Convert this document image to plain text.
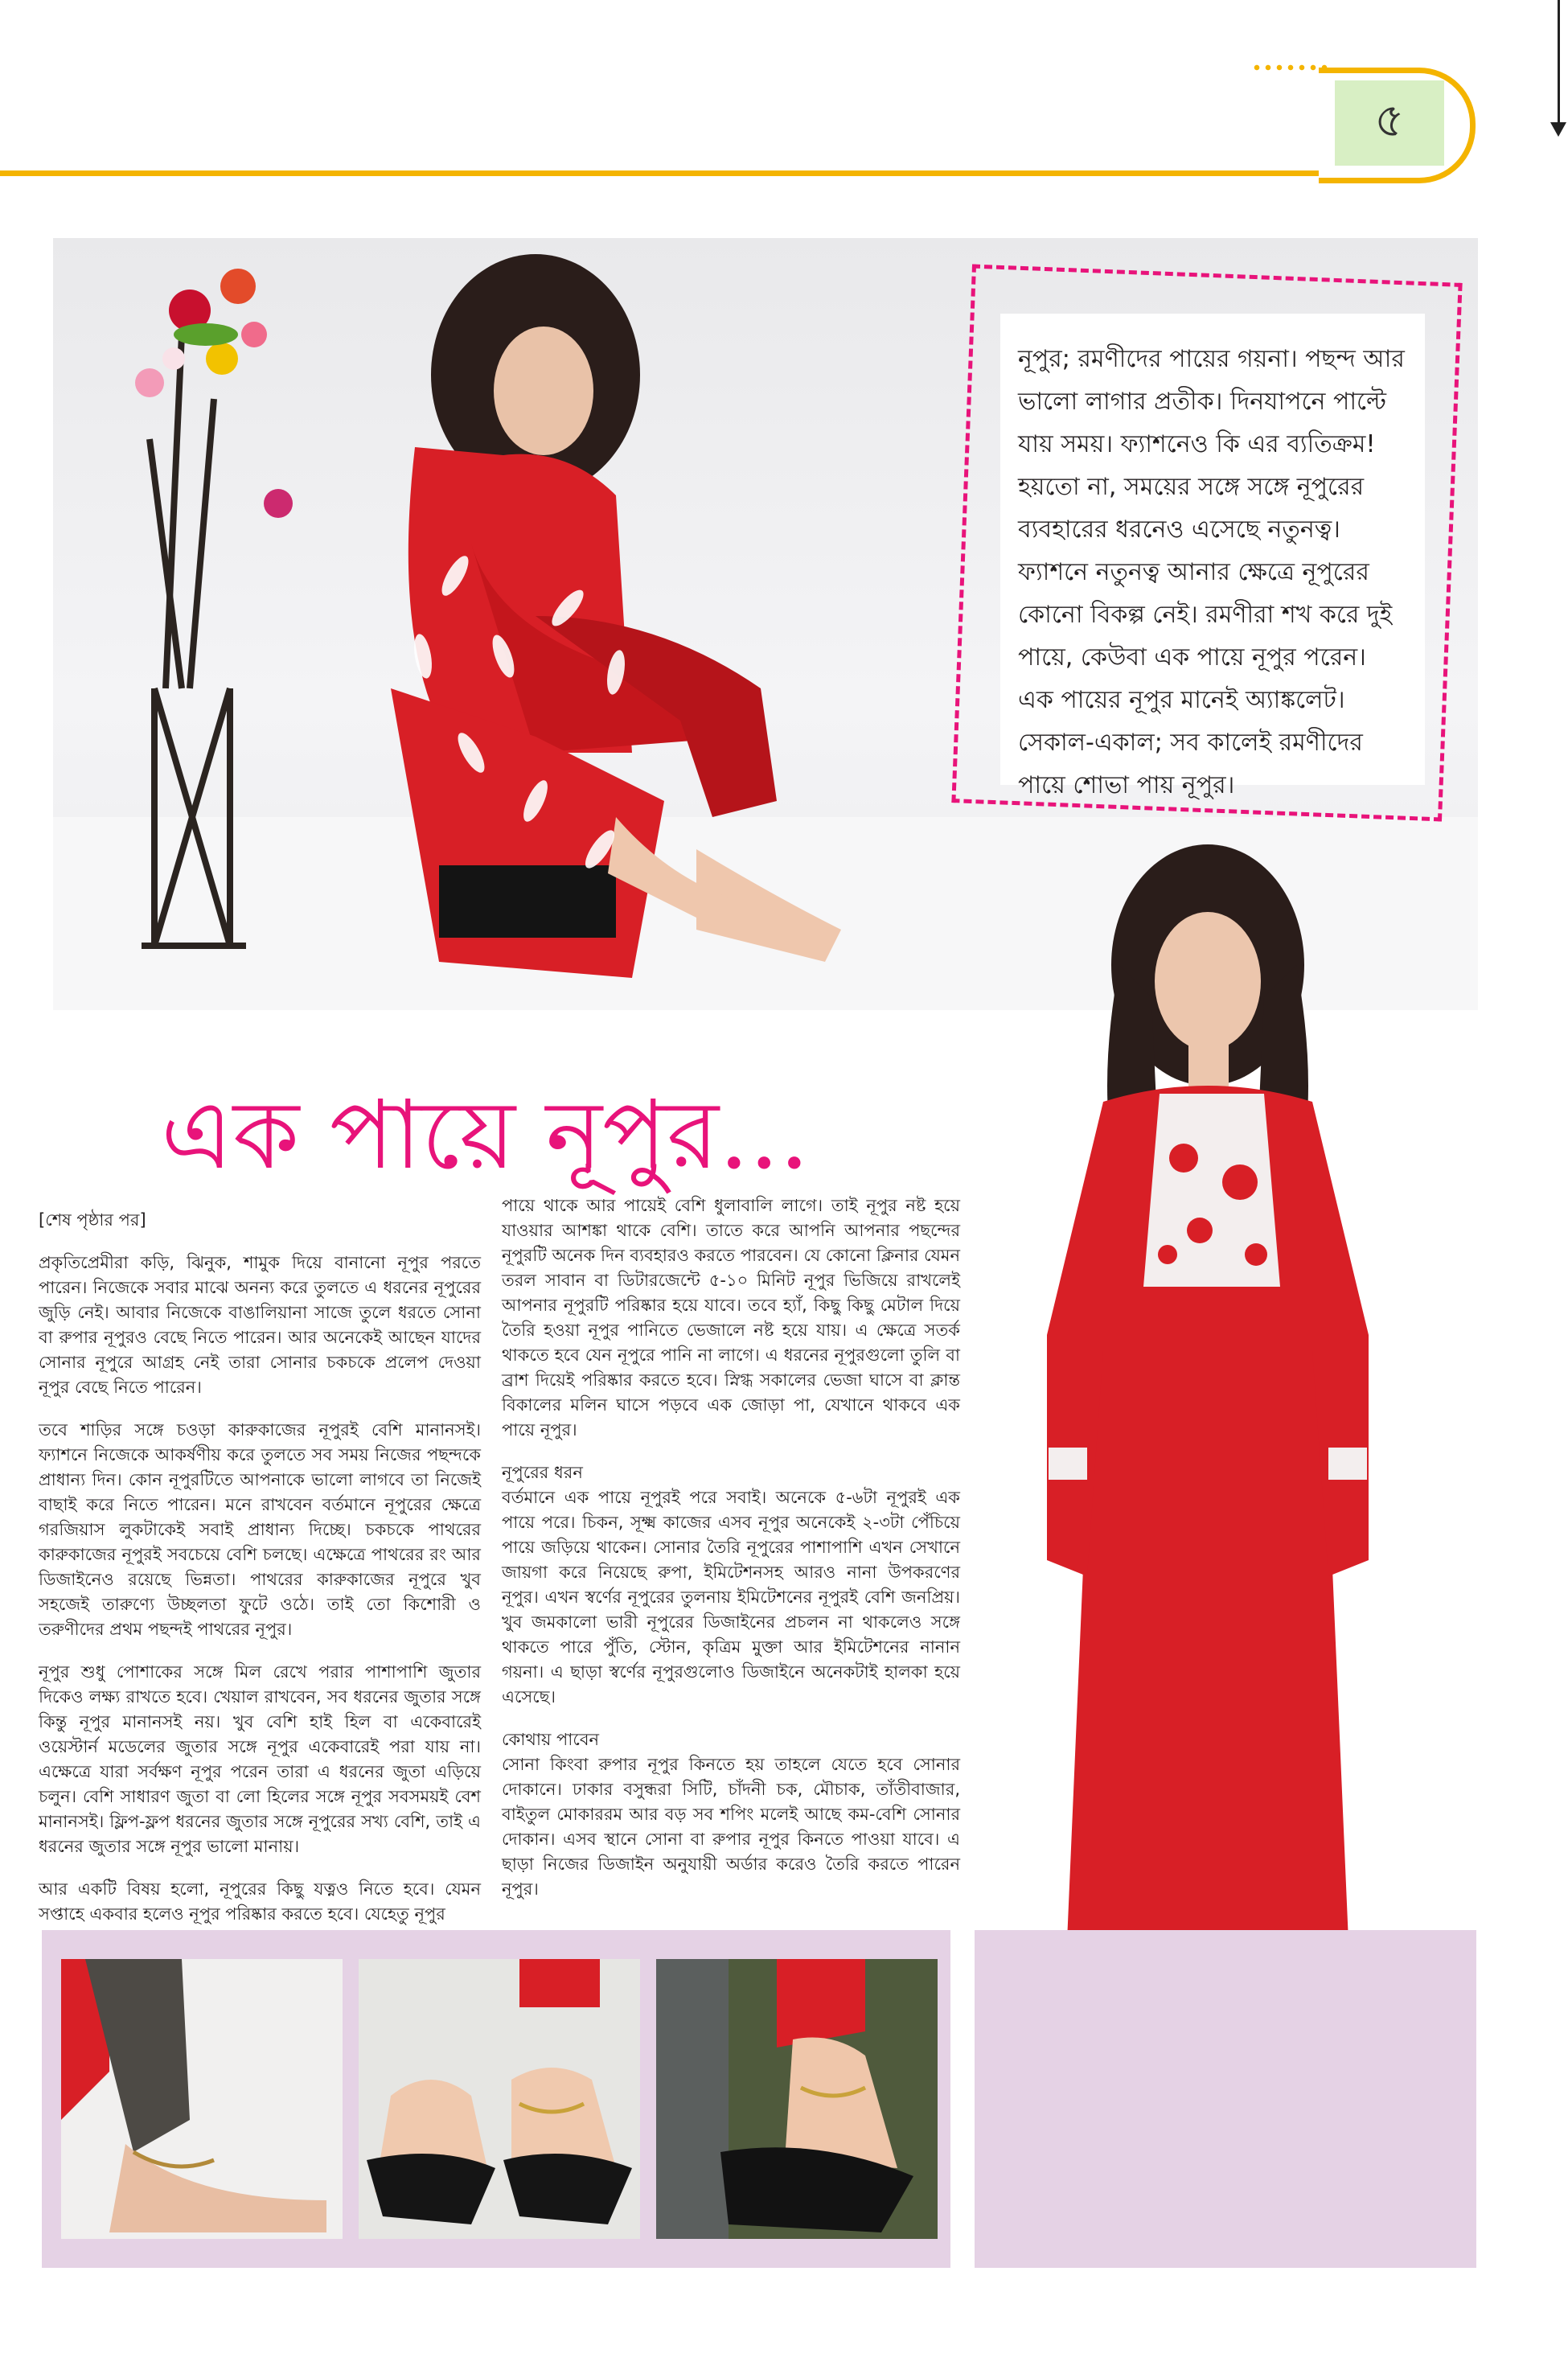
৫
নূপুর; রমণীদের পায়ের গয়না। পছন্দ আর ভালো লাগার প্রতীক। দিনযাপনে পাল্টে যায় সময়। ফ্যাশনেও কি এর ব্যতিক্রম! হয়তো না, সময়ের সঙ্গে সঙ্গে নূপুরের ব্যবহারের ধরনেও এসেছে নতুনত্ব। ফ্যাশনে নতুনত্ব আনার ক্ষেত্রে নূপুরের কোনো বিকল্প নেই। রমণীরা শখ করে দুই পায়ে, কেউবা এক পায়ে নূপুর পরেন। এক পায়ের নূপুর মানেই অ্যাঙ্কলেট। সেকাল-একাল; সব কালেই রমণীদের পায়ে শোভা পায় নূপুর।
এক পায়ে নূপুর...

[শেষ পৃষ্ঠার পর]

প্রকৃতিপ্রেমীরা কড়ি, ঝিনুক, শামুক দিয়ে বানানো নূপুর পরতে পারেন। নিজেকে সবার মাঝে অনন্য করে তুলতে এ ধরনের নূপুরের জুড়ি নেই। আবার নিজেকে বাঙালিয়ানা সাজে তুলে ধরতে সোনা বা রুপার নূপুরও বেছে নিতে পারেন। আর অনেকেই আছেন যাদের সোনার নূপুরে আগ্রহ নেই তারা সোনার চকচকে প্রলেপ দেওয়া নূপুর বেছে নিতে পারেন।

তবে শাড়ির সঙ্গে চওড়া কারুকাজের নূপুরই বেশি মানানসই। ফ্যাশনে নিজেকে আকর্ষণীয় করে তুলতে সব সময় নিজের পছন্দকে প্রাধান্য দিন। কোন নূপুরটিতে আপনাকে ভালো লাগবে তা নিজেই বাছাই করে নিতে পারেন। মনে রাখবেন বর্তমানে নূপুরের ক্ষেত্রে গরজিয়াস লুকটাকেই সবাই প্রাধান্য দিচ্ছে। চকচকে পাথরের কারুকাজের নূপুরই সবচেয়ে বেশি চলছে। এক্ষেত্রে পাথরের রং আর ডিজাইনেও রয়েছে ভিন্নতা। পাথরের কারুকাজের নূপুরে খুব সহজেই তারুণ্যে উচ্ছলতা ফুটে ওঠে। তাই তো কিশোরী ও তরুণীদের প্রথম পছন্দই পাথরের নূপুর।

নূপুর শুধু পোশাকের সঙ্গে মিল রেখে পরার পাশাপাশি জুতার দিকেও লক্ষ্য রাখতে হবে। খেয়াল রাখবেন, সব ধরনের জুতার সঙ্গে কিন্তু নূপুর মানানসই নয়। খুব বেশি হাই হিল বা একেবারেই ওয়েস্টার্ন মডেলের জুতার সঙ্গে নূপুর একেবারেই পরা যায় না। এক্ষেত্রে যারা সর্বক্ষণ নূপুর পরেন তারা এ ধরনের জুতা এড়িয়ে চলুন। বেশি সাধারণ জুতা বা লো হিলের সঙ্গে নূপুর সবসময়ই বেশ মানানসই। ফ্লিপ-ফ্লপ ধরনের জুতার সঙ্গে নূপুরের সখ্য বেশি, তাই এ ধরনের জুতার সঙ্গে নূপুর ভালো মানায়।

আর একটি বিষয় হলো, নূপুরের কিছু যত্নও নিতে হবে। যেমন সপ্তাহে একবার হলেও নূপুর পরিষ্কার করতে হবে। যেহেতু নূপুর

পায়ে থাকে আর পায়েই বেশি ধুলাবালি লাগে। তাই নূপুর নষ্ট হয়ে যাওয়ার আশঙ্কা থাকে বেশি। তাতে করে আপনি আপনার পছন্দের নূপুরটি অনেক দিন ব্যবহারও করতে পারবেন। যে কোনো ক্লিনার যেমন তরল সাবান বা ডিটারজেন্টে ৫-১০ মিনিট নূপুর ভিজিয়ে রাখলেই আপনার নূপুরটি পরিষ্কার হয়ে যাবে। তবে হ্যাঁ, কিছু কিছু মেটাল দিয়ে তৈরি হওয়া নূপুর পানিতে ভেজালে নষ্ট হয়ে যায়। এ ক্ষেত্রে সতর্ক থাকতে হবে যেন নূপুরে পানি না লাগে। এ ধরনের নূপুরগুলো তুলি বা ব্রাশ দিয়েই পরিষ্কার করতে হবে। স্নিগ্ধ সকালের ভেজা ঘাসে বা ক্লান্ত বিকালের মলিন ঘাসে পড়বে এক জোড়া পা, যেখানে থাকবে এক পায়ে নূপুর।

নূপুরের ধরন

বর্তমানে এক পায়ে নূপুরই পরে সবাই। অনেকে ৫-৬টা নূপুরই এক পায়ে পরে। চিকন, সূক্ষ্ম কাজের এসব নূপুর অনেকেই ২-৩টা পেঁচিয়ে পায়ে জড়িয়ে থাকেন। সোনার তৈরি নূপুরের পাশাপাশি এখন সেখানে জায়গা করে নিয়েছে রুপা, ইমিটেশনসহ আরও নানা উপকরণের নূপুর। এখন স্বর্ণের নূপুরের তুলনায় ইমিটেশনের নূপুরই বেশি জনপ্রিয়। খুব জমকালো ভারী নূপুরের ডিজাইনের প্রচলন না থাকলেও সঙ্গে থাকতে পারে পুঁতি, স্টোন, কৃত্রিম মুক্তা আর ইমিটেশনের নানান গয়না। এ ছাড়া স্বর্ণের নূপুরগুলোও ডিজাইনে অনেকটাই হালকা হয়ে এসেছে।

কোথায় পাবেন

সোনা কিংবা রুপার নূপুর কিনতে হয় তাহলে যেতে হবে সোনার দোকানে। ঢাকার বসুন্ধরা সিটি, চাঁদনী চক, মৌচাক, তাঁতীবাজার, বাইতুল মোকাররম আর বড় সব শপিং মলেই আছে কম-বেশি সোনার দোকান। এসব স্থানে সোনা বা রুপার নূপুর কিনতে পাওয়া যাবে। এ ছাড়া নিজের ডিজাইন অনুযায়ী অর্ডার করেও তৈরি করতে পারেন নূপুর।
